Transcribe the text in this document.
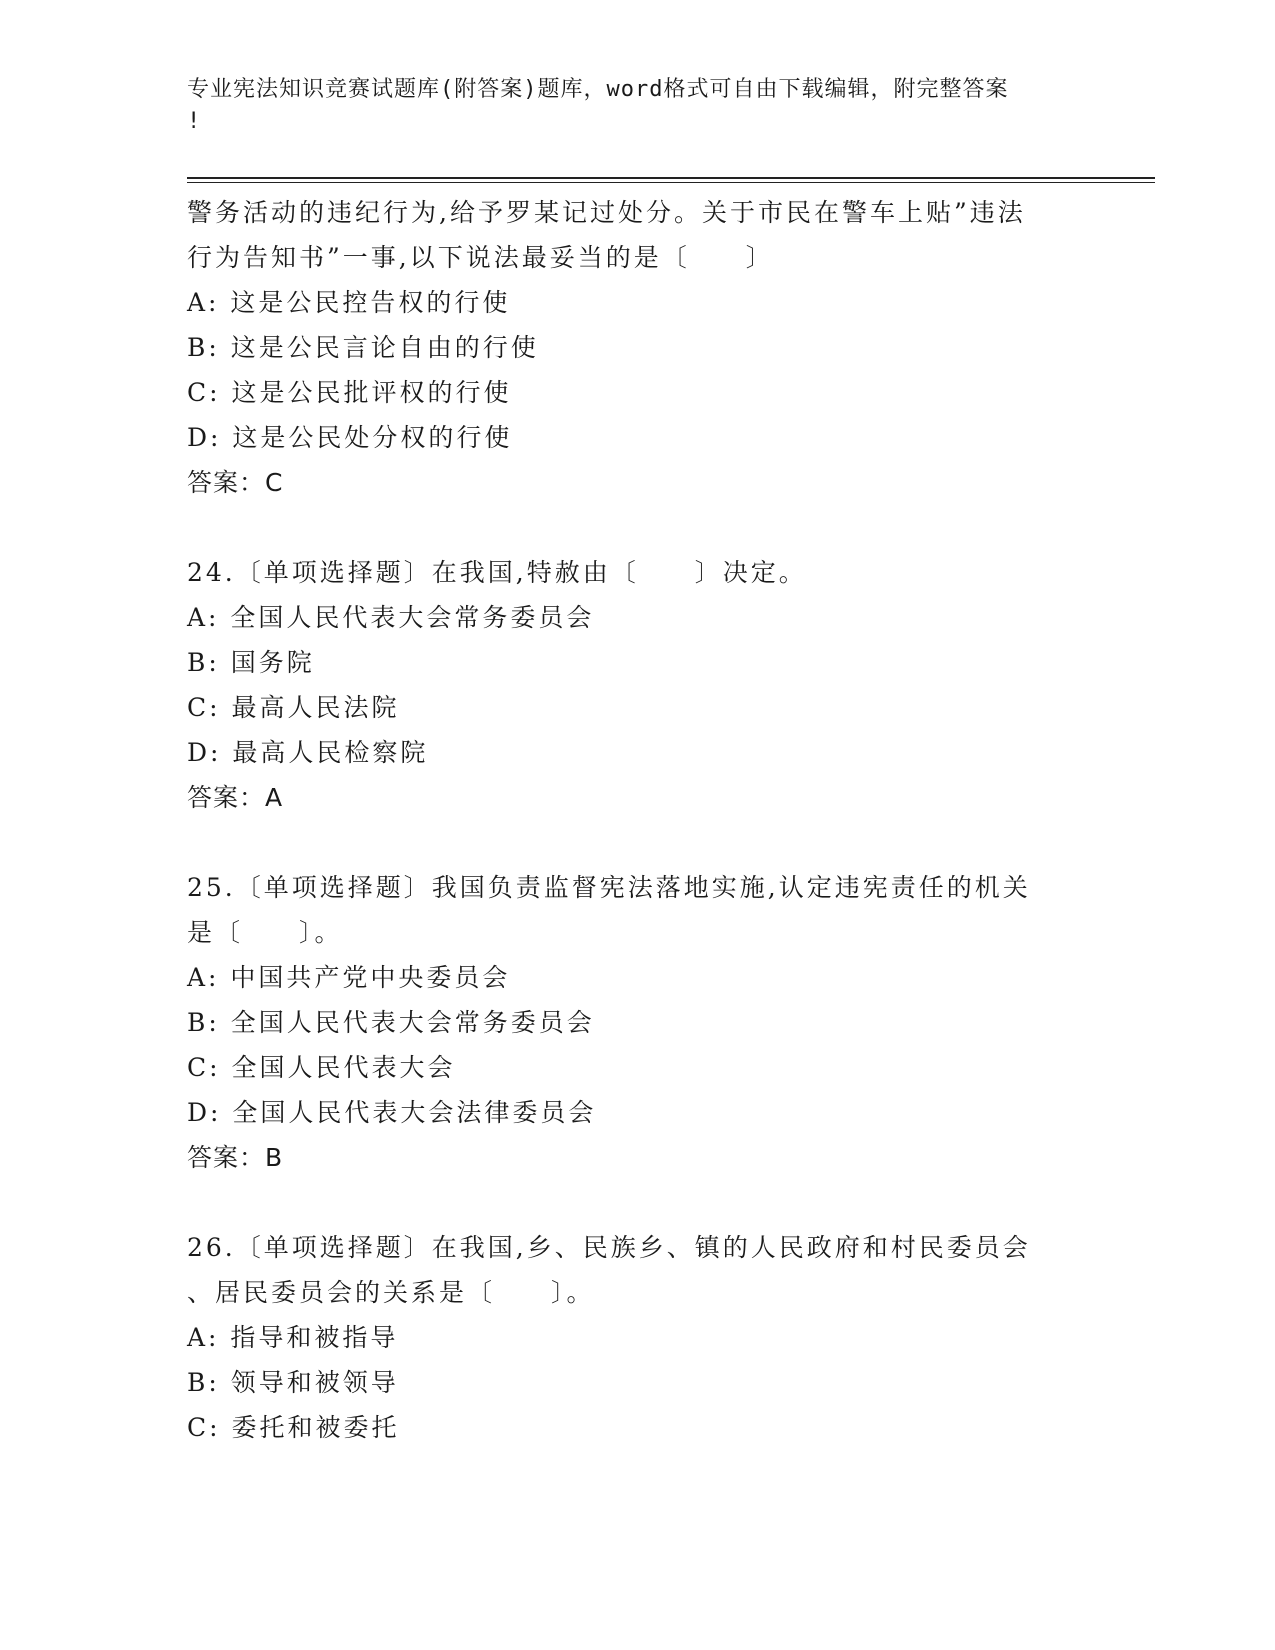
专业宪法知识竞赛试题库(附答案)题库，word格式可自由下载编辑，附完整答案
!
警务活动的违纪行为,给予罗某记过处分。关于市民在警车上贴”违法
行为告知书”一事,以下说法最妥当的是〔　　〕
A: 这是公民控告权的行使
B: 这是公民言论自由的行使
C: 这是公民批评权的行使
D: 这是公民处分权的行使
答案：C
24.〔单项选择题〕在我国,特赦由〔　　〕决定。
A: 全国人民代表大会常务委员会
B: 国务院
C: 最高人民法院
D: 最高人民检察院
答案：A
25.〔单项选择题〕我国负责监督宪法落地实施,认定违宪责任的机关
是〔　　〕。
A: 中国共产党中央委员会
B: 全国人民代表大会常务委员会
C: 全国人民代表大会
D: 全国人民代表大会法律委员会
答案：B
26.〔单项选择题〕在我国,乡、民族乡、镇的人民政府和村民委员会
、居民委员会的关系是〔　　〕。
A: 指导和被指导
B: 领导和被领导
C: 委托和被委托
